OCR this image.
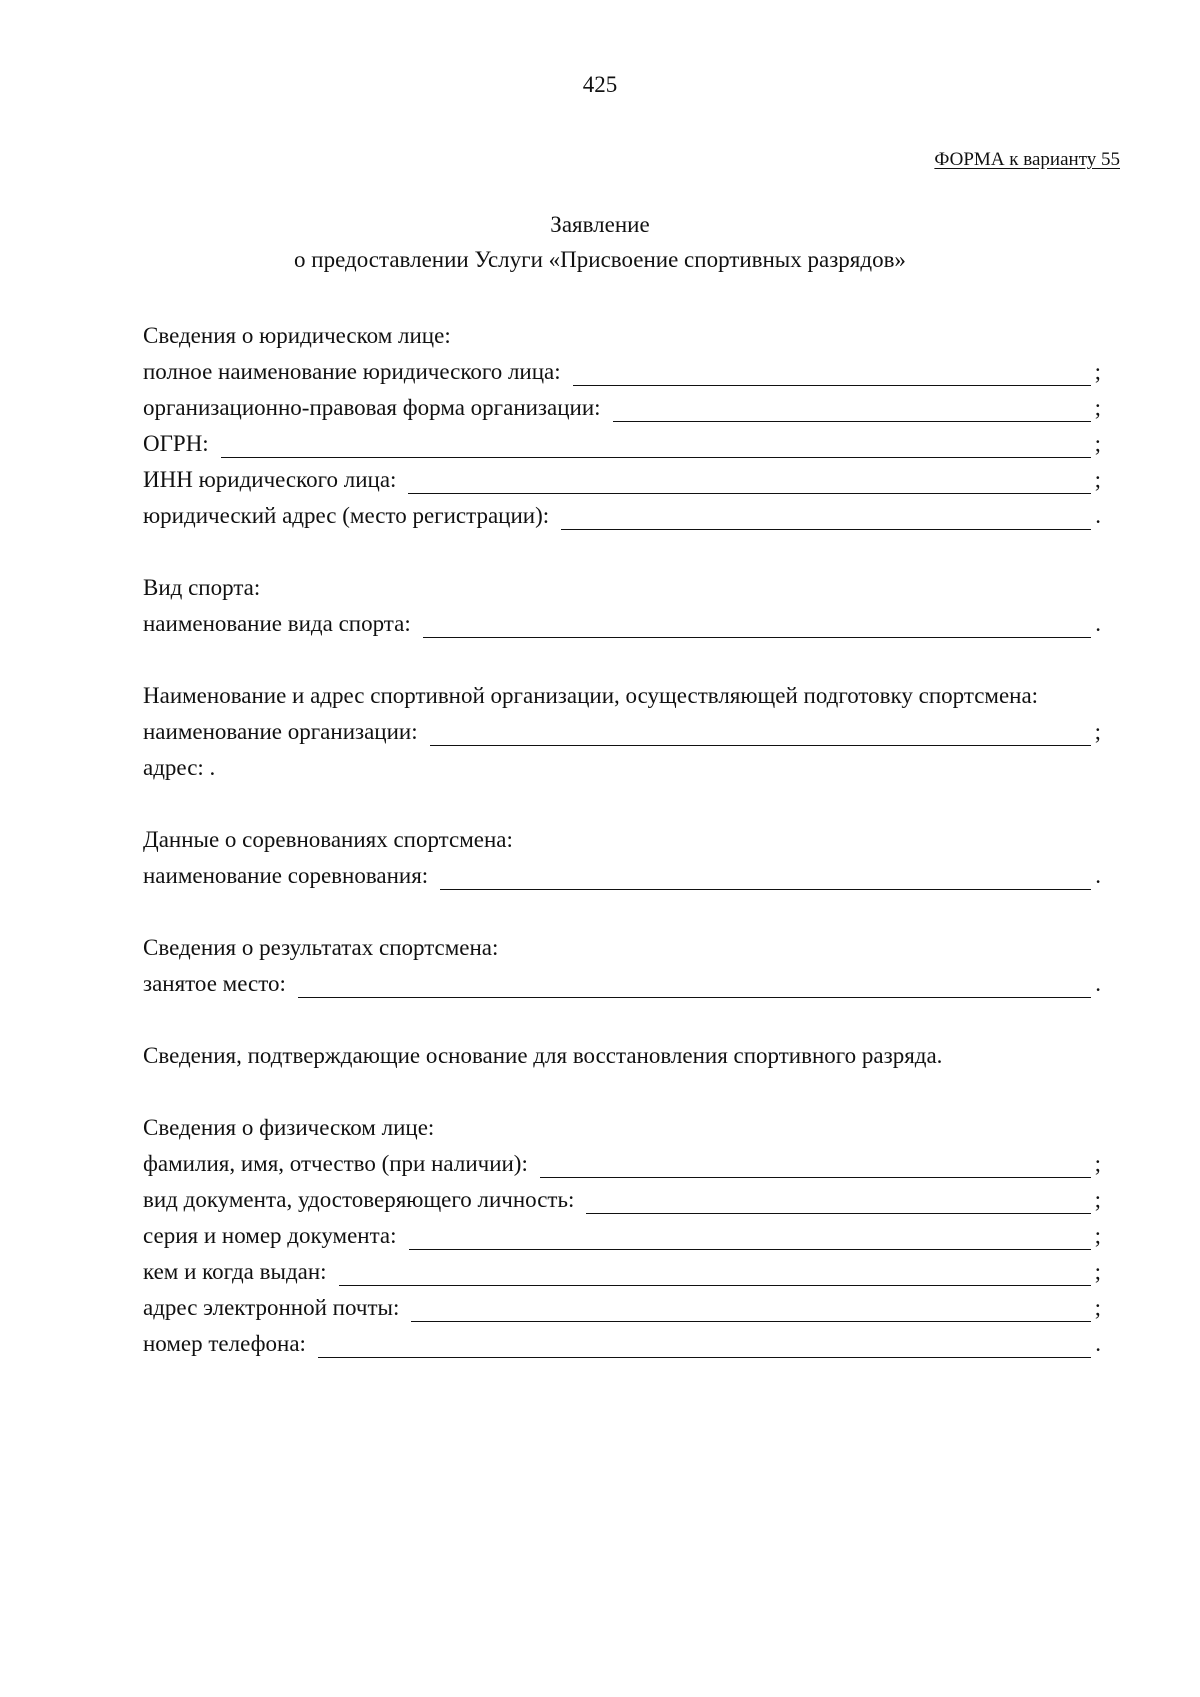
425
ФОРМА к варианту 55
Заявление
о предоставлении Услуги «Присвоение спортивных разрядов»
Сведения о юридическом лице:
полное наименование юридического лица:	;
организационно-правовая форма организации:	;
ОГРН:	;
ИНН юридического лица:	;
юридический адрес (место регистрации):	.
Вид спорта:
наименование вида спорта:	.
Наименование и адрес спортивной организации, осуществляющей подготовку спортсмена:
наименование организации:	;
адрес: .
Данные о соревнованиях спортсмена:
наименование соревнования:	.
Сведения о результатах спортсмена:
занятое место:	.
Сведения, подтверждающие основание для восстановления спортивного разряда.
Сведения о физическом лице:
фамилия, имя, отчество (при наличии):	;
вид документа, удостоверяющего личность:	;
серия и номер документа:	;
кем и когда выдан:	;
адрес электронной почты:	;
номер телефона:	.
